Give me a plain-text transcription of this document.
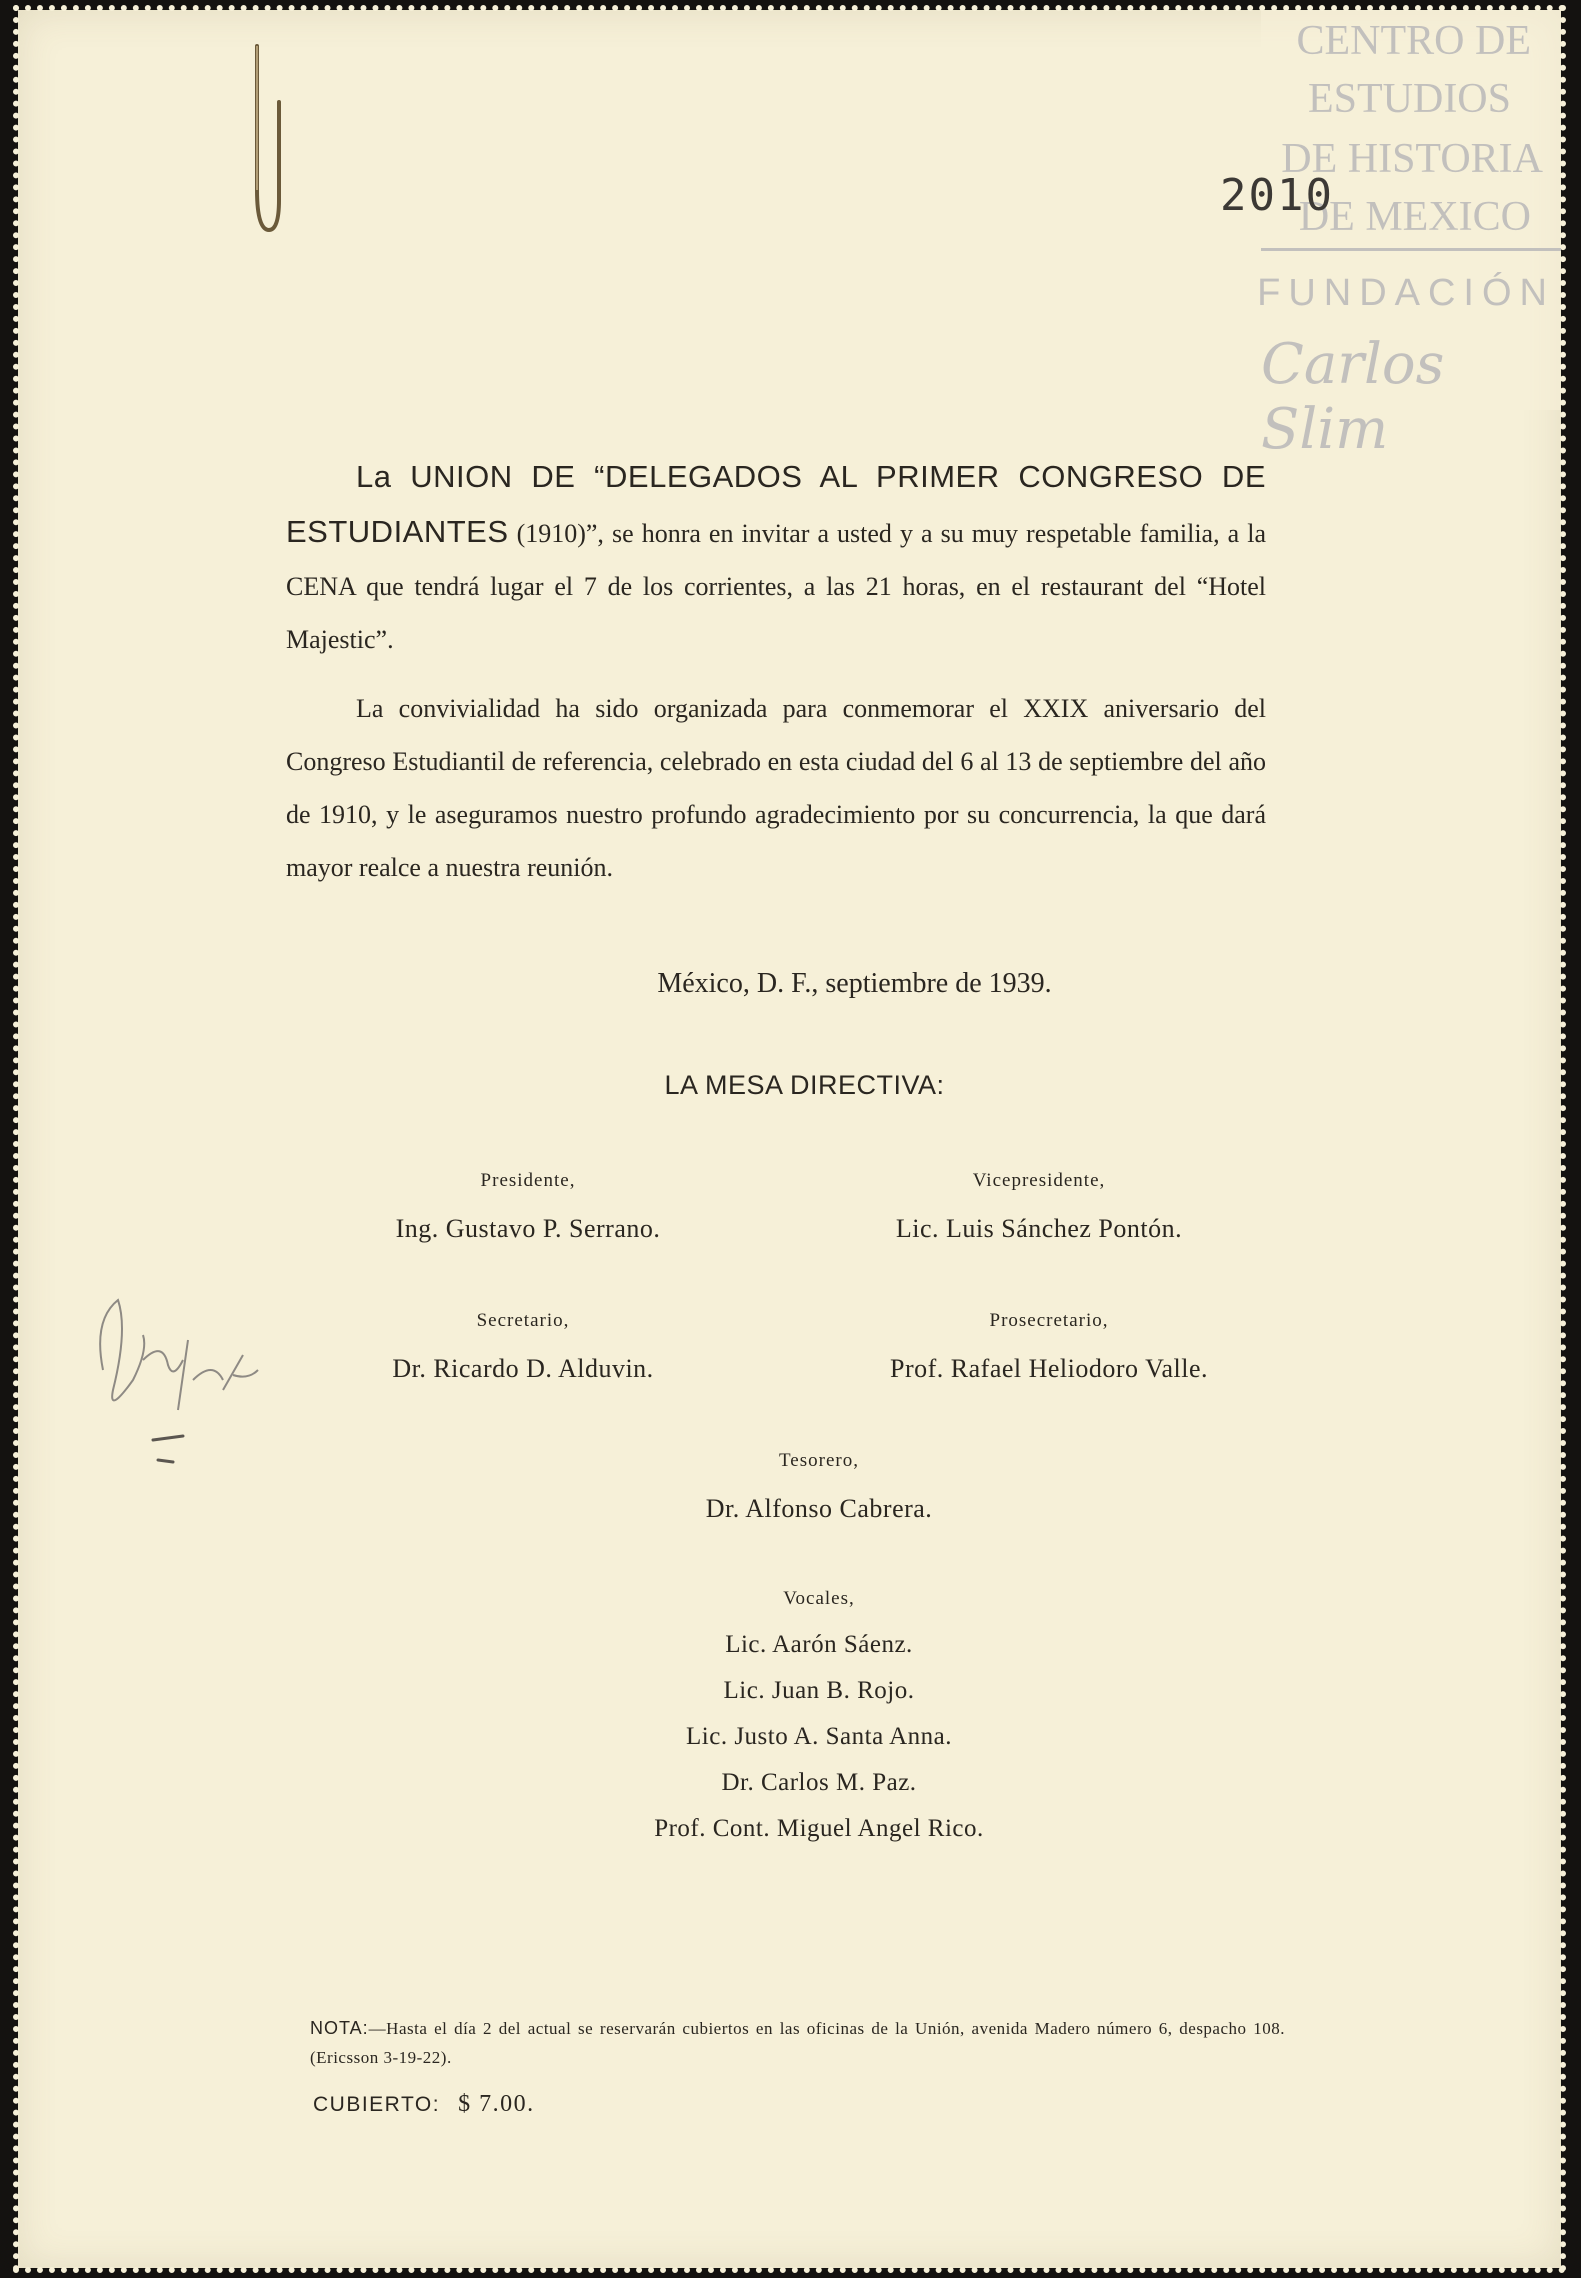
CENTRO DE
ESTUDIOS
DE HISTORIA
DE MEXICO
FUNDACIÓN
Carlos Slim
2010

La UNION DE “DELEGADOS AL PRIMER CONGRESO DE ESTUDIANTES (1910)”, se honra en invitar a usted y a su muy respetable familia, a la CENA que tendrá lugar el 7 de los corrientes, a las 21 horas, en el restaurant del “Hotel Majestic”.

La convivialidad ha sido organizada para conmemorar el XXIX aniversario del Congreso Estudiantil de referencia, celebrado en esta ciudad del 6 al 13 de septiembre del año de 1910, y le aseguramos nuestro profundo agradecimiento por su concurrencia, la que dará mayor realce a nuestra reunión.

México, D. F., septiembre de 1939.
LA MESA DIRECTIVA:
Presidente,
Ing. Gustavo P. Serrano.
Vicepresidente,
Lic. Luis Sánchez Pontón.
Secretario,
Dr. Ricardo D. Alduvin.
Prosecretario,
Prof. Rafael Heliodoro Valle.
Tesorero,
Dr. Alfonso Cabrera.
Vocales,
Lic. Aarón Sáenz.
Lic. Juan B. Rojo.
Lic. Justo A. Santa Anna.
Dr. Carlos M. Paz.
Prof. Cont. Miguel Angel Rico.
NOTA:—Hasta el día 2 del actual se reservarán cubiertos en las oficinas de la Unión, avenida Madero número 6, despacho 108. (Ericsson 3-19-22).
CUBIERTO: $ 7.00.
